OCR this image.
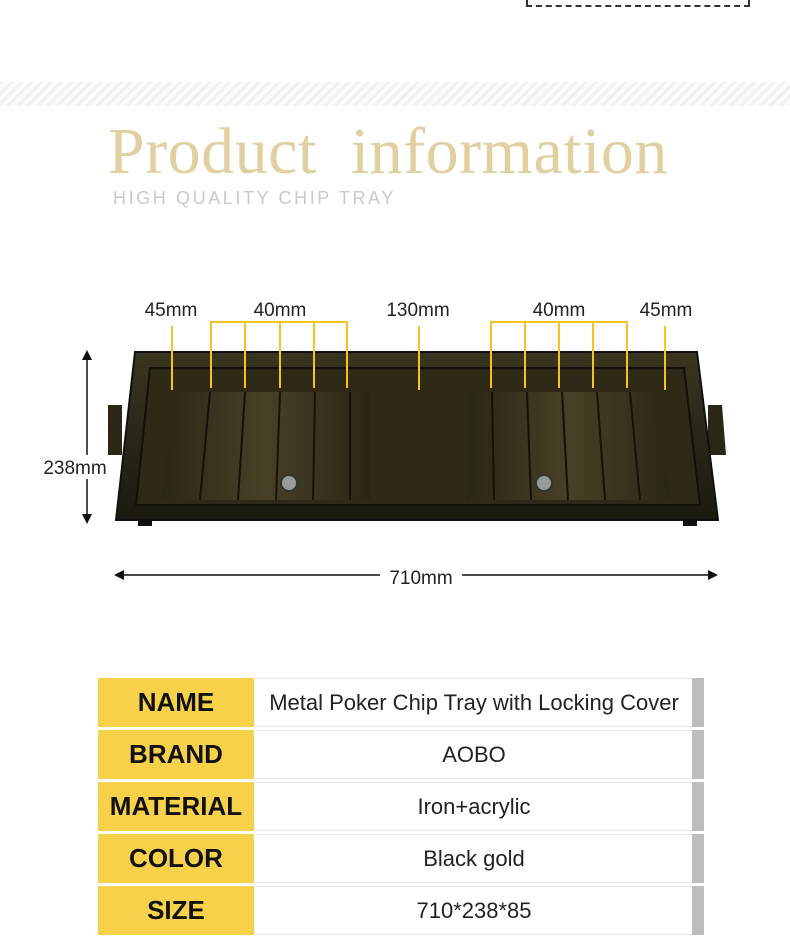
Product  information
HIGH QUALITY CHIP TRAY
45mm	40mm	130mm	40mm	45mm
238mm
710mm
NAME	Metal Poker Chip Tray with Locking Cover
BRAND	AOBO
MATERIAL	Iron+acrylic
COLOR	Black gold
SIZE	710*238*85
